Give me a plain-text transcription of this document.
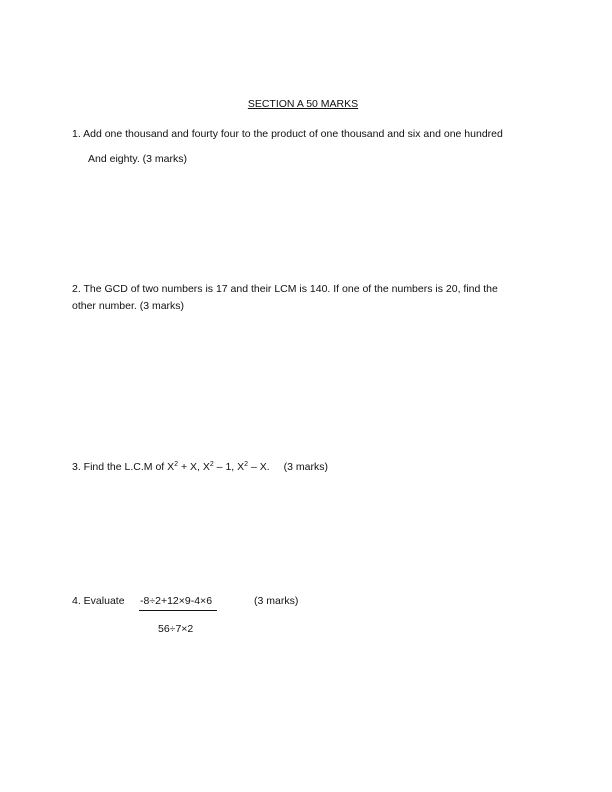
SECTION A 50 MARKS
1. Add one thousand and fourty four to the product of one thousand and six and one hundred
And eighty. (3 marks)
2. The GCD of two numbers is 17 and their LCM is 140. If one of the numbers is 20, find the
other number. (3 marks)
3. Find the L.C.M of $X^2 + X$, $X^2 - 1$, $X^2$ – X. (3 marks)
4. Evaluate -8÷2+12×9-4×6
56÷7×2
(3 marks)
